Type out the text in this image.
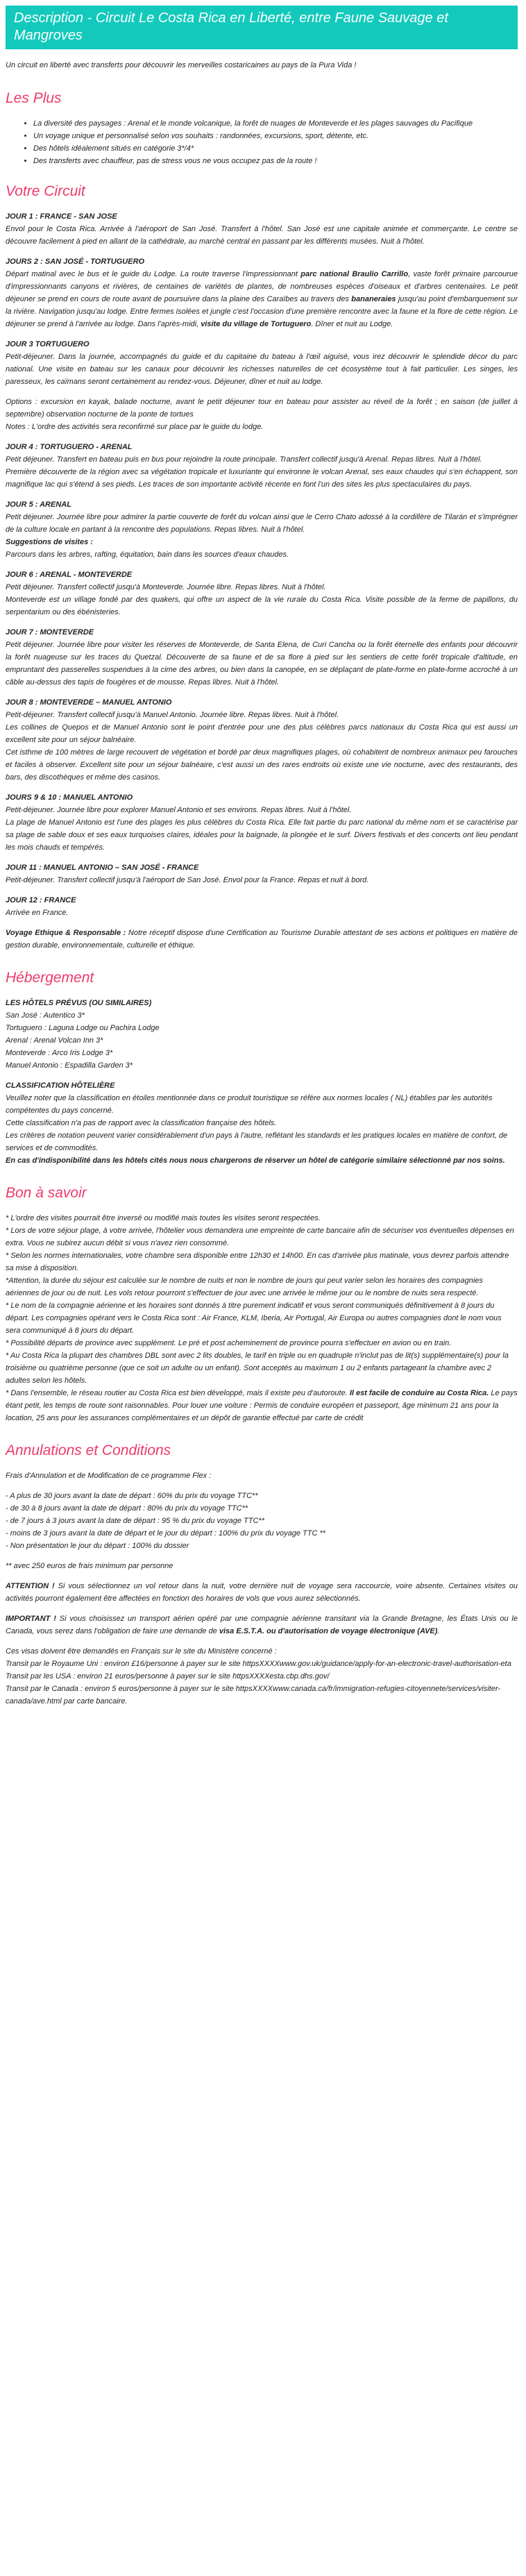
Description - Circuit Le Costa Rica en Liberté, entre Faune Sauvage et Mangroves

Un circuit en liberté avec transferts pour découvrir les merveilles costaricaines au pays de la Pura Vida !

Les Plus
• La diversité des paysages : Arenal et le monde volcanique, la forêt de nuages de Monteverde et les plages sauvages du Pacifique
• Un voyage unique et personnalisé selon vos souhaits : randonnées, excursions, sport, détente, etc.
• Des hôtels idéalement situés en catégorie 3*/4*
• Des transferts avec chauffeur, pas de stress vous ne vous occupez pas de la route !
Votre Circuit
JOUR 1 : FRANCE - SAN JOSE

Envol pour le Costa Rica. Arrivée à l'aéroport de San José. Transfert à l'hôtel. San José est une capitale animée et commerçante. Le centre se découvre facilement à pied en allant de la cathédrale, au marché central en passant par les différents musées. Nuit à l'hôtel.

JOURS 2 : SAN JOSÉ - TORTUGUERO

Départ matinal avec le bus et le guide du Lodge. La route traverse l'impressionnant parc national Braulio Carrillo, vaste forêt primaire parcourue d'impressionnants canyons et rivières, de centaines de variétés de plantes, de nombreuses espèces d'oiseaux et d'arbres centenaires. Le petit déjeuner se prend en cours de route avant de poursuivre dans la plaine des Caraïbes au travers des bananeraies jusqu'au point d'embarquement sur la rivière. Navigation jusqu'au lodge. Entre fermes isolées et jungle c'est l'occasion d'une première rencontre avec la faune et la flore de cette région. Le déjeuner se prend à l'arrivée au lodge. Dans l'après-midi, visite du village de Tortuguero. Dîner et nuit au Lodge.

JOUR 3 TORTUGUERO

Petit-déjeuner. Dans la journée, accompagnés du guide et du capitaine du bateau à l'œil aiguisé, vous irez découvrir le splendide décor du parc national. Une visite en bateau sur les canaux pour découvrir les richesses naturelles de cet écosystème tout à fait particulier. Les singes, les paresseux, les caïmans seront certainement au rendez-vous. Déjeuner, dîner et nuit au lodge.

Options : excursion en kayak, balade nocturne, avant le petit déjeuner tour en bateau pour assister au réveil de la forêt ; en saison (de juillet à septembre) observation nocturne de la ponte de tortues

Notes : L'ordre des activités sera reconfirmé sur place par le guide du lodge.

JOUR 4 : TORTUGUERO - ARENAL

Petit déjeuner. Transfert en bateau puis en bus pour rejoindre la route principale. Transfert collectif jusqu'à Arenal. Repas libres. Nuit à l'hôtel.

Première découverte de la région avec sa végétation tropicale et luxuriante qui environne le volcan Arenal, ses eaux chaudes qui s'en échappent, son magnifique lac qui s'étend à ses pieds. Les traces de son importante activité récente en font l'un des sites les plus spectaculaires du pays.

JOUR 5 : ARENAL

Petit déjeuner. Journée libre pour admirer la partie couverte de forêt du volcan ainsi que le Cerro Chato adossé à la cordillère de Tilarán et s'imprégner de la culture locale en partant à la rencontre des populations. Repas libres. Nuit à l'hôtel.

Suggestions de visites :

Parcours dans les arbres, rafting, équitation, bain dans les sources d'eaux chaudes.

JOUR 6 : ARENAL - MONTEVERDE

Petit déjeuner. Transfert collectif jusqu'à Monteverde. Journée libre. Repas libres. Nuit à l'hôtel.

Monteverde est un village fondé par des quakers, qui offre un aspect de la vie rurale du Costa Rica. Visite possible de la ferme de papillons, du serpentarium ou des ébénisteries.

JOUR 7 : MONTEVERDE

Petit déjeuner. Journée libre pour visiter les réserves de Monteverde, de Santa Elena, de Curi Cancha ou la forêt éternelle des enfants pour découvrir la forêt nuageuse sur les traces du Quetzal. Découverte de sa faune et de sa flore à pied sur les sentiers de cette forêt tropicale d'altitude, en empruntant des passerelles suspendues à la cime des arbres, ou bien dans la canopée, en se déplaçant de plate-forme en plate-forme accroché à un câble au-dessus des tapis de fougères et de mousse. Repas libres. Nuit à l'hôtel.

JOUR 8 : MONTEVERDE – MANUEL ANTONIO

Petit-déjeuner. Transfert collectif jusqu'à Manuel Antonio. Journée libre. Repas libres. Nuit à l'hôtel.

Les collines de Quepos et de Manuel Antonio sont le point d'entrée pour une des plus célèbres parcs nationaux du Costa Rica qui est aussi un excellent site pour un séjour balnéaire.

Cet isthme de 100 mètres de large recouvert de végétation et bordé par deux magnifiques plages, où cohabitent de nombreux animaux peu farouches et faciles à observer. Excellent site pour un séjour balnéaire, c'est aussi un des rares endroits où existe une vie nocturne, avec des restaurants, des bars, des discothèques et même des casinos.

JOURS 9 & 10 : MANUEL ANTONIO

Petit-déjeuner. Journée libre pour explorer Manuel Antonio et ses environs. Repas libres. Nuit à l'hôtel.

La plage de Manuel Antonio est l'une des plages les plus célèbres du Costa Rica. Elle fait partie du parc national du même nom et se caractérise par sa plage de sable doux et ses eaux turquoises claires, idéales pour la baignade, la plongée et le surf. Divers festivals et des concerts ont lieu pendant les mois chauds et tempérés.

JOUR 11 : MANUEL ANTONIO – SAN JOSÉ - FRANCE

Petit-déjeuner. Transfert collectif jusqu'à l'aéroport de San José. Envol pour la France. Repas et nuit à bord.

JOUR 12 : FRANCE

Arrivée en France.

Voyage Ethique & Responsable : Notre réceptif dispose d'une Certification au Tourisme Durable attestant de ses actions et politiques en matière de gestion durable, environnementale, culturelle et éthique.

Hébergement

LES HÔTELS PRÉVUS (OU SIMILAIRES)

San José : Autentico 3*

Tortuguero : Laguna Lodge ou Pachira Lodge

Arenal : Arenal Volcan Inn 3*

Monteverde : Arco Iris Lodge 3*

Manuel Antonio : Espadilla Garden 3*

CLASSIFICATION HÔTELIÈRE

Veuillez noter que la classification en étoiles mentionnée dans ce produit touristique se réfère aux normes locales ( NL) établies par les autorités compétentes du pays concerné.

Cette classification n'a pas de rapport avec la classification française des hôtels.

Les critères de notation peuvent varier considérablement d'un pays à l'autre, reflétant les standards et les pratiques locales en matière de confort, de services et de commodités.

En cas d'indisponibilité dans les hôtels cités nous nous chargerons de réserver un hôtel de catégorie similaire sélectionné par nos soins.

Bon à savoir

* L'ordre des visites pourrait être inversé ou modifié mais toutes les visites seront respectées.

* Lors de votre séjour plage, à votre arrivée, l'hôtelier vous demandera une empreinte de carte bancaire afin de sécuriser vos éventuelles dépenses en extra. Vous ne subirez aucun débit si vous n'avez rien consommé.

* Selon les normes internationales, votre chambre sera disponible entre 12h30 et 14h00. En cas d'arrivée plus matinale, vous devrez parfois attendre sa mise à disposition.

*Attention, la durée du séjour est calculée sur le nombre de nuits et non le nombre de jours qui peut varier selon les horaires des compagnies aériennes de jour ou de nuit. Les vols retour pourront s'effectuer de jour avec une arrivée le même jour ou le nombre de nuits sera respecté.

* Le nom de la compagnie aérienne et les horaires sont donnés à titre purement indicatif et vous seront communiqués définitivement à 8 jours du départ. Les compagnies opérant vers le Costa Rica sont : Air France, KLM, Iberia, Air Portugal, Air Europa ou autres compagnies dont le nom vous sera communiqué à 8 jours du départ.

* Possibilité départs de province avec supplément. Le pré et post acheminement de province pourra s'effectuer en avion ou en train.

* Au Costa Rica la plupart des chambres DBL sont avec 2 lits doubles, le tarif en triple ou en quadruple n'inclut pas de lit(s) supplémentaire(s) pour la troisième ou quatrième personne (que ce soit un adulte ou un enfant). Sont acceptés au maximum 1 ou 2 enfants partageant la chambre avec 2 adultes selon les hôtels.

* Dans l'ensemble, le réseau routier au Costa Rica est bien développé, mais il existe peu d'autoroute. Il est facile de conduire au Costa Rica. Le pays étant petit, les temps de route sont raisonnables. Pour louer une voiture : Permis de conduire européen et passeport, âge minimum 21 ans pour la location, 25 ans pour les assurances complémentaires et un dépôt de garantie effectué par carte de crédit

Annulations et Conditions

Frais d'Annulation et de Modification de ce programme Flex :

- A plus de 30 jours avant la date de départ : 60% du prix du voyage TTC**

- de 30 à 8 jours avant la date de départ : 80% du prix du voyage TTC**

- de 7 jours à 3 jours avant la date de départ : 95 % du prix du voyage TTC**

- moins de 3 jours avant la date de départ et le jour du départ : 100% du prix du voyage TTC **

- Non présentation le jour du départ : 100% du dossier

** avec 250 euros de frais minimum par personne

ATTENTION ! Si vous sélectionnez un vol retour dans la nuit, votre dernière nuit de voyage sera raccourcie, voire absente. Certaines visites ou activités pourront également être affectées en fonction des horaires de vols que vous aurez sélectionnés.

IMPORTANT ! Si vous choisissez un transport aérien opéré par une compagnie aérienne transitant via la Grande Bretagne, les États Unis ou le Canada, vous serez dans l'obligation de faire une demande de visa E.S.T.A. ou d'autorisation de voyage électronique (AVE).

Ces visas doivent être demandés en Français sur le site du Ministère concerné :

Transit par le Royaume Uni : environ £16/personne à payer sur le site httpsXXXXwww.gov.uk/guidance/apply-for-an-electronic-travel-authorisation-eta

Transit par les USA : environ 21 euros/personne à payer sur le site httpsXXXXesta.cbp.dhs.gov/

Transit par le Canada : environ 5 euros/personne à payer sur le site httpsXXXXwww.canada.ca/fr/immigration-refugies-citoyennete/services/visiter-canada/ave.html par carte bancaire.
